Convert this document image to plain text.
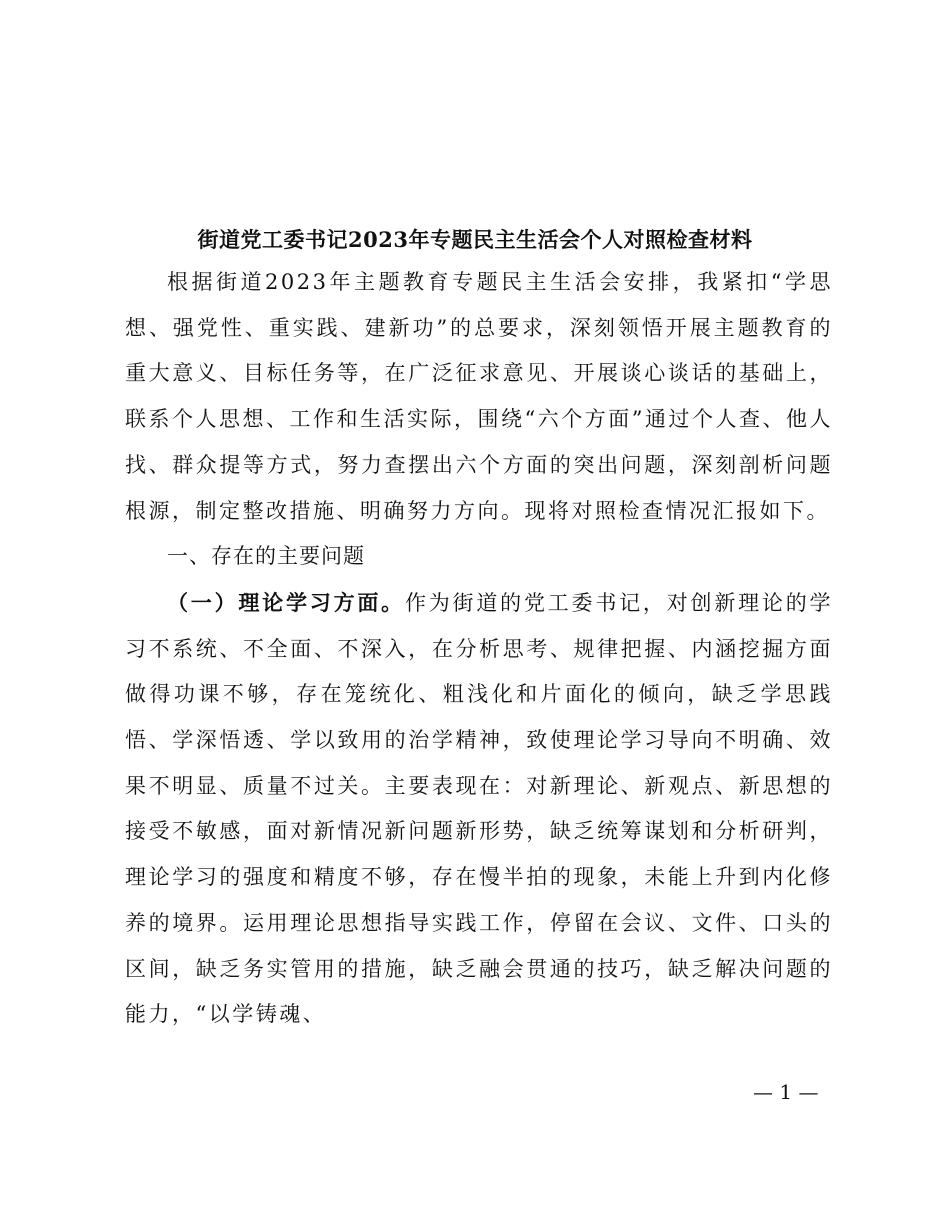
街道党工委书记2023年专题民主生活会个人对照检查材料

根据街道2023年主题教育专题民主生活会安排，我紧扣“学思想、强党性、重实践、建新功”的总要求，深刻领悟开展主题教育的重大意义、目标任务等，在广泛征求意见、开展谈心谈话的基础上，联系个人思想、工作和生活实际，围绕“六个方面”通过个人查、他人找、群众提等方式，努力查摆出六个方面的突出问题，深刻剖析问题根源，制定整改措施、明确努力方向。现将对照检查情况汇报如下。

一、存在的主要问题

（一）理论学习方面。作为街道的党工委书记，对创新理论的学习不系统、不全面、不深入，在分析思考、规律把握、内涵挖掘方面做得功课不够，存在笼统化、粗浅化和片面化的倾向，缺乏学思践悟、学深悟透、学以致用的治学精神，致使理论学习导向不明确、效果不明显、质量不过关。主要表现在：对新理论、新观点、新思想的接受不敏感，面对新情况新问题新形势，缺乏统筹谋划和分析研判，理论学习的强度和精度不够，存在慢半拍的现象，未能上升到内化修养的境界。运用理论思想指导实践工作，停留在会议、文件、口头的区间，缺乏务实管用的措施，缺乏融会贯通的技巧，缺乏解决问题的能力，“以学铸魂、

— 1 —
